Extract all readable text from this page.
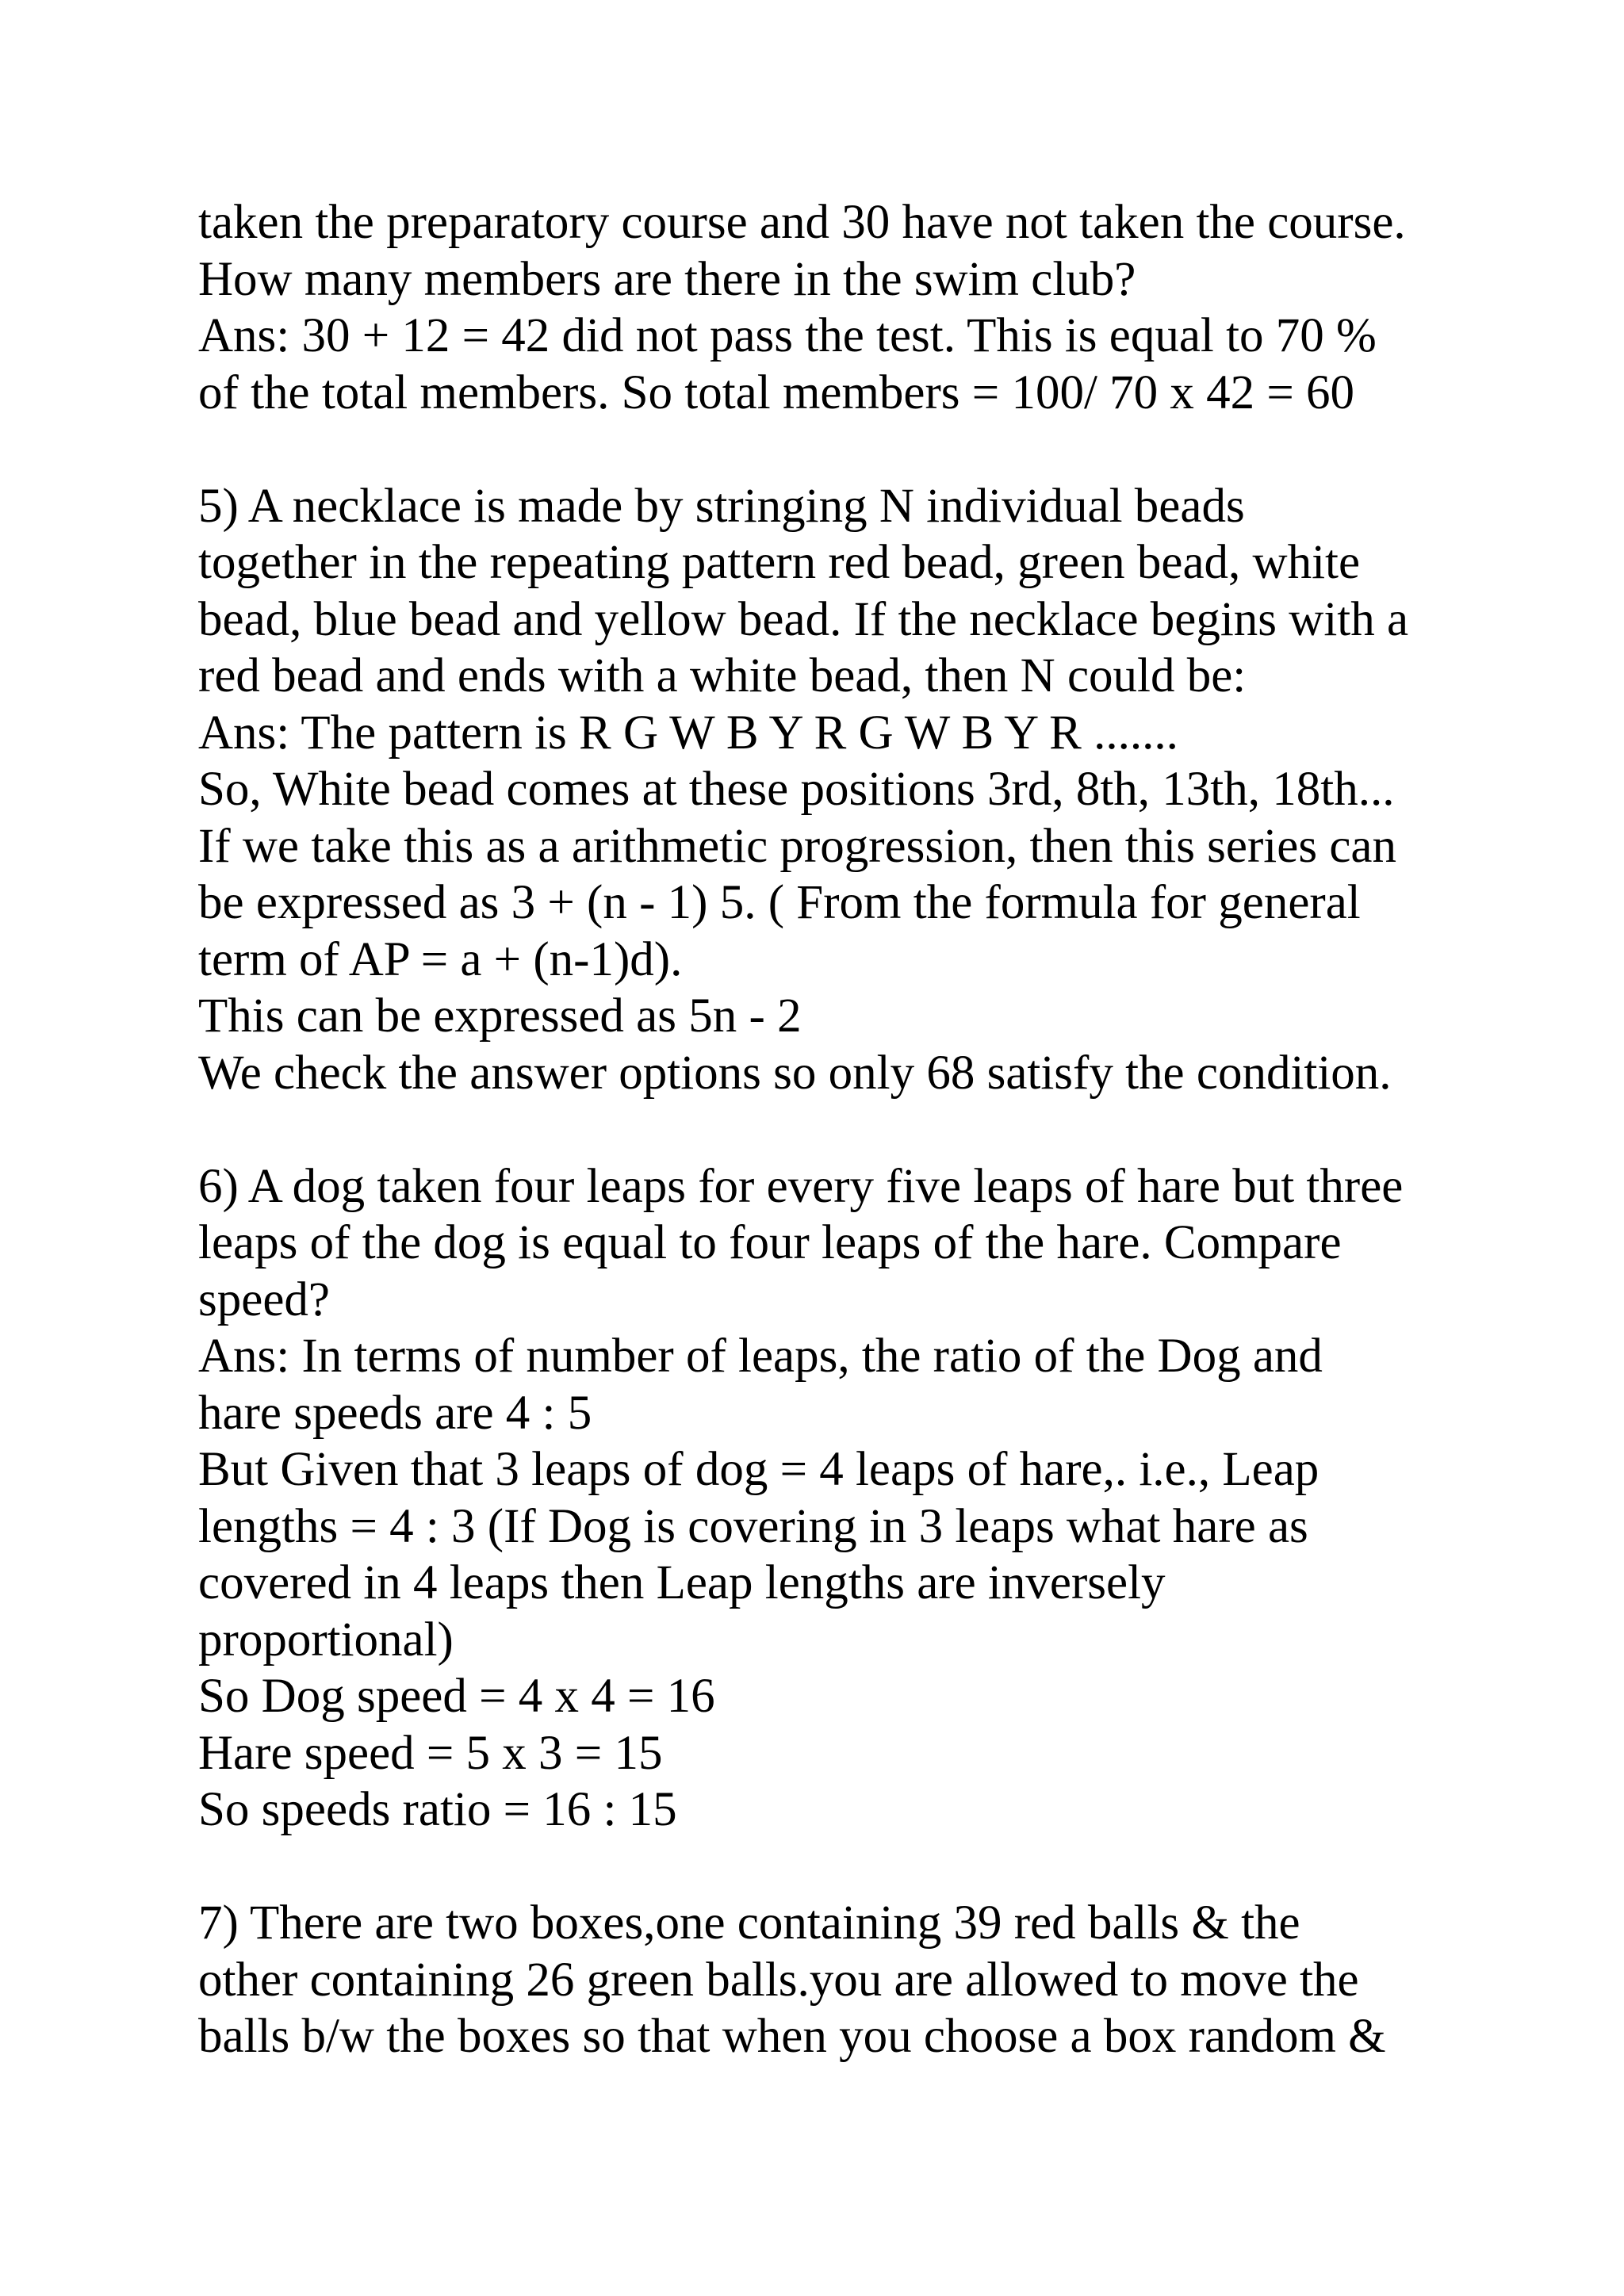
taken the preparatory course and 30 have not taken the course.
How many members are there in the swim club?
Ans: 30 + 12 = 42 did not pass the test. This is equal to 70 %
of the total members. So total members = 100/ 70 x 42 = 60
5) A necklace is made by stringing N individual beads
together in the repeating pattern red bead, green bead, white
bead, blue bead and yellow bead. If the necklace begins with a
red bead and ends with a white bead, then N could be:
Ans: The pattern is R G W B Y R G W B Y R .......
So, White bead comes at these positions 3rd, 8th, 13th, 18th...
If we take this as a arithmetic progression, then this series can
be expressed as 3 + (n - 1) 5. ( From the formula for general
term of AP = a + (n-1)d).
This can be expressed as 5n - 2
We check the answer options so only 68 satisfy the condition.
6) A dog taken four leaps for every five leaps of hare but three
leaps of the dog is equal to four leaps of the hare. Compare
speed?
Ans: In terms of number of leaps, the ratio of the Dog and
hare speeds are 4 : 5
But Given that 3 leaps of dog = 4 leaps of hare,. i.e., Leap
lengths = 4 : 3 (If Dog is covering in 3 leaps what hare as
covered in 4 leaps then Leap lengths are inversely
proportional)
So Dog speed = 4 x 4 = 16
Hare speed = 5 x 3 = 15
So speeds ratio = 16 : 15
7) There are two boxes,one containing 39 red balls & the
other containing 26 green balls.you are allowed to move the
balls b/w the boxes so that when you choose a box random &
